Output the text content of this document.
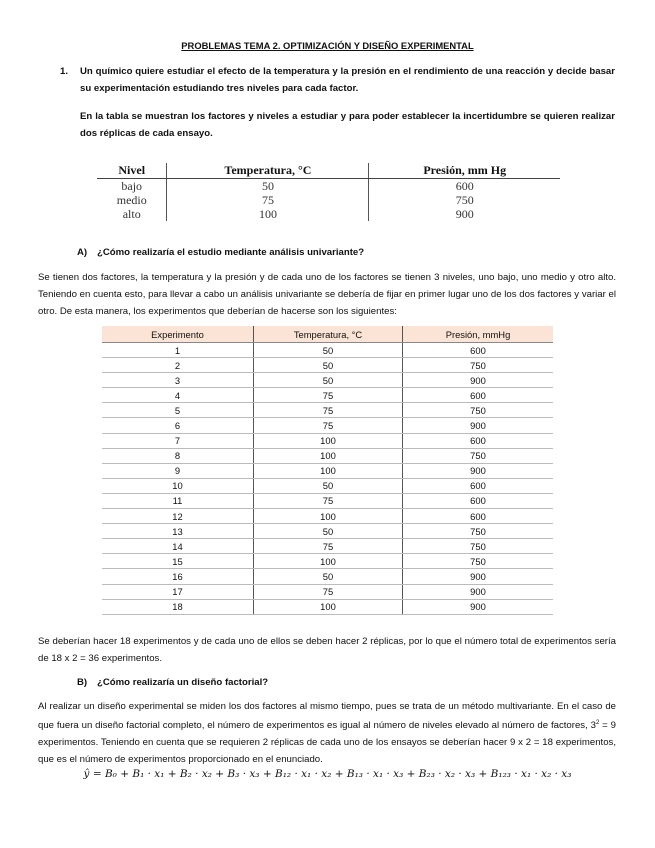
PROBLEMAS TEMA 2. OPTIMIZACIÓN Y DISEÑO EXPERIMENTAL
1. Un químico quiere estudiar el efecto de la temperatura y la presión en el rendimiento de una reacción y decide basar su experimentación estudiando tres niveles para cada factor.
En la tabla se muestran los factores y niveles a estudiar y para poder establecer la incertidumbre se quieren realizar dos réplicas de cada ensayo.
Nivel	Temperatura, °C	Presión, mm Hg
bajo	50	600
medio	75	750
alto	100	900
A) ¿Cómo realizaría el estudio mediante análisis univariante?
Se tienen dos factores, la temperatura y la presión y de cada uno de los factores se tienen 3 niveles, uno bajo, uno medio y otro alto. Teniendo en cuenta esto, para llevar a cabo un análisis univariante se debería de fijar en primer lugar uno de los dos factores y variar el otro. De esta manera, los experimentos que deberían de hacerse son los siguientes:
Experimento	Temperatura, °C	Presión, mmHg
1	50	600
2	50	750
3	50	900
4	75	600
5	75	750
6	75	900
7	100	600
8	100	750
9	100	900
10	50	600
11	75	600
12	100	600
13	50	750
14	75	750
15	100	750
16	50	900
17	75	900
18	100	900
Se deberían hacer 18 experimentos y de cada uno de ellos se deben hacer 2 réplicas, por lo que el número total de experimentos sería de 18 x 2 = 36 experimentos.
B) ¿Cómo realizaría un diseño factorial?
Al realizar un diseño experimental se miden los dos factores al mismo tiempo, pues se trata de un método multivariante. En el caso de que fuera un diseño factorial completo, el número de experimentos es igual al número de niveles elevado al número de factores, $3^2 = 9$ experimentos. Teniendo en cuenta que se requieren 2 réplicas de cada uno de los ensayos se deberían hacer 9 x 2 = 18 experimentos, que es el número de experimentos proporcionado en el enunciado.
ŷ = B₀ + B₁ · x₁ + B₂ · x₂ + B₃ · x₃ + B₁₂ · x₁ · x₂ + B₁₃ · x₁ · x₃ + B₂₃ · x₂ · x₃ + B₁₂₃ · x₁ · x₂ · x₃
